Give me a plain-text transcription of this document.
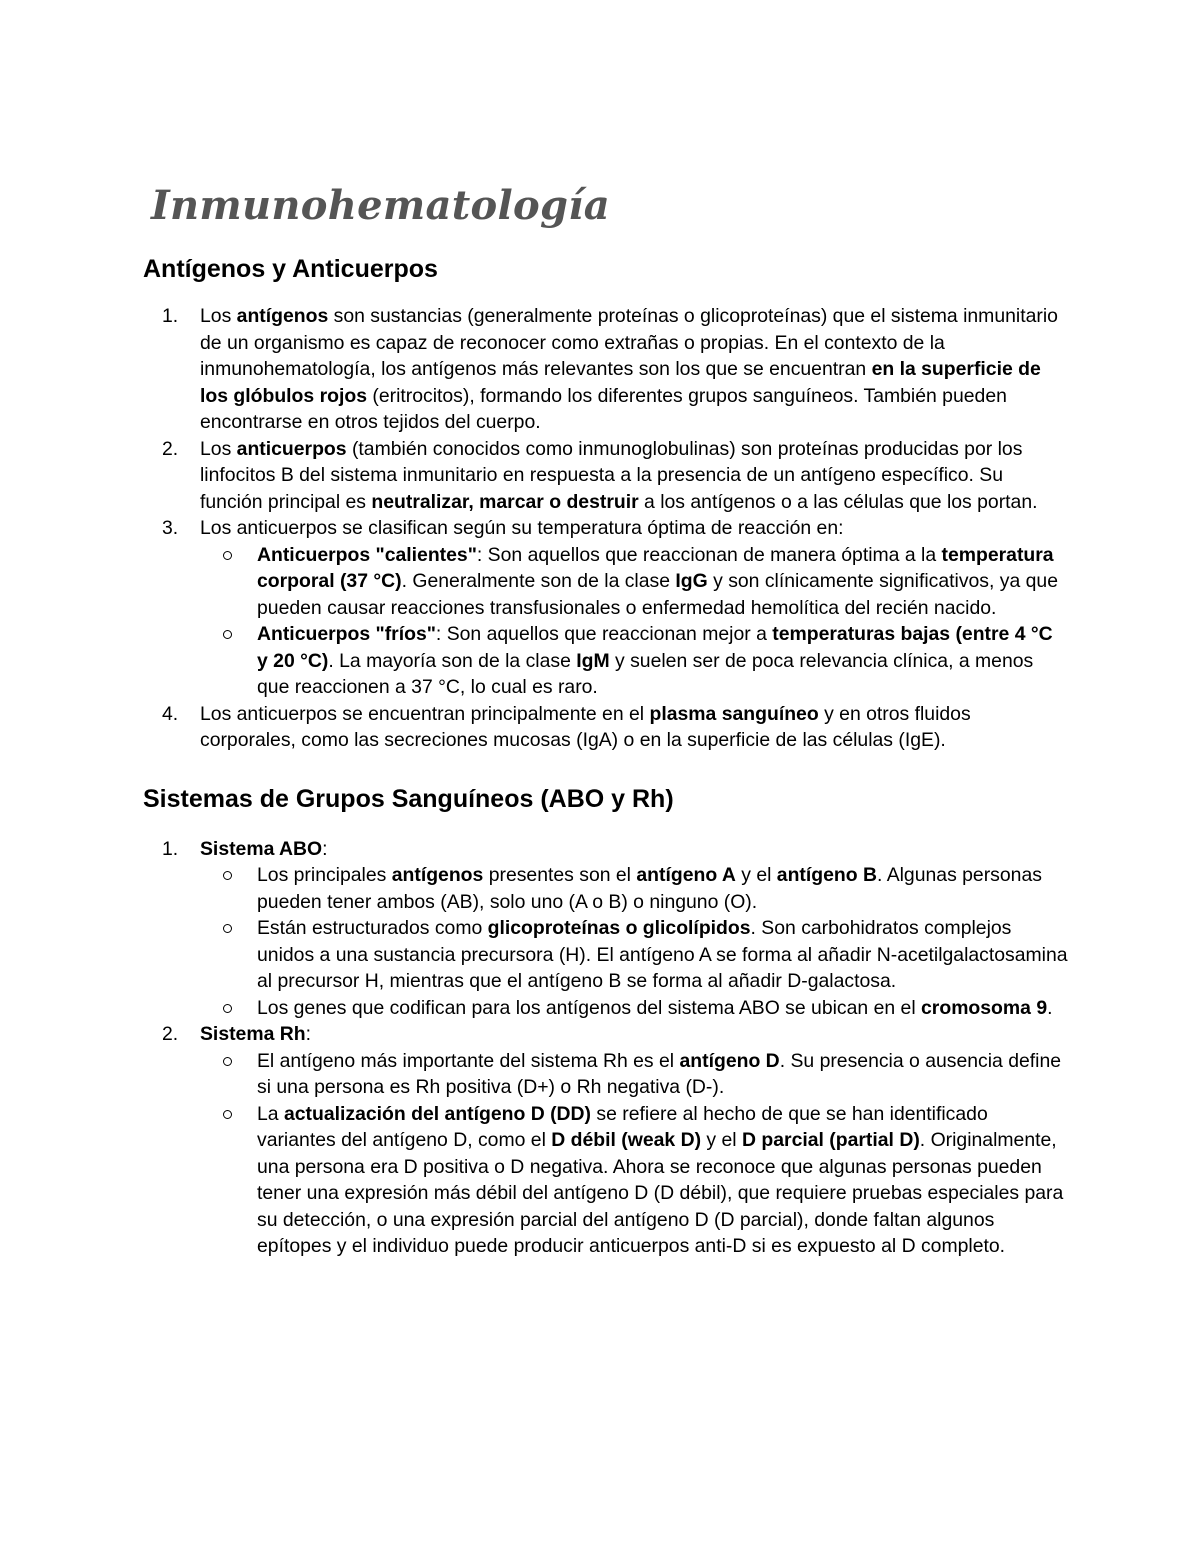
Inmunohematología
Antígenos y Anticuerpos
1. Los antígenos son sustancias (generalmente proteínas o glicoproteínas) que el sistema inmunitario de un organismo es capaz de reconocer como extrañas o propias. En el contexto de la inmunohematología, los antígenos más relevantes son los que se encuentran en la superficie de los glóbulos rojos (eritrocitos), formando los diferentes grupos sanguíneos. También pueden encontrarse en otros tejidos del cuerpo.
2. Los anticuerpos (también conocidos como inmunoglobulinas) son proteínas producidas por los linfocitos B del sistema inmunitario en respuesta a la presencia de un antígeno específico. Su función principal es neutralizar, marcar o destruir a los antígenos o a las células que los portan.
3. Los anticuerpos se clasifican según su temperatura óptima de reacción en:
Anticuerpos "calientes": Son aquellos que reaccionan de manera óptima a la temperatura corporal (37 °C). Generalmente son de la clase IgG y son clínicamente significativos, ya que pueden causar reacciones transfusionales o enfermedad hemolítica del recién nacido.
Anticuerpos "fríos": Son aquellos que reaccionan mejor a temperaturas bajas (entre 4 °C y 20 °C). La mayoría son de la clase IgM y suelen ser de poca relevancia clínica, a menos que reaccionen a 37 °C, lo cual es raro.
4. Los anticuerpos se encuentran principalmente en el plasma sanguíneo y en otros fluidos corporales, como las secreciones mucosas (IgA) o en la superficie de las células (IgE).
Sistemas de Grupos Sanguíneos (ABO y Rh)
1. Sistema ABO:
Los principales antígenos presentes son el antígeno A y el antígeno B. Algunas personas pueden tener ambos (AB), solo uno (A o B) o ninguno (O).
Están estructurados como glicoproteínas o glicolípidos. Son carbohidratos complejos unidos a una sustancia precursora (H). El antígeno A se forma al añadir N-acetilgalactosamina al precursor H, mientras que el antígeno B se forma al añadir D-galactosa.
Los genes que codifican para los antígenos del sistema ABO se ubican en el cromosoma 9.
2. Sistema Rh:
El antígeno más importante del sistema Rh es el antígeno D. Su presencia o ausencia define si una persona es Rh positiva (D+) o Rh negativa (D-).
La actualización del antígeno D (DD) se refiere al hecho de que se han identificado variantes del antígeno D, como el D débil (weak D) y el D parcial (partial D). Originalmente, una persona era D positiva o D negativa. Ahora se reconoce que algunas personas pueden tener una expresión más débil del antígeno D (D débil), que requiere pruebas especiales para su detección, o una expresión parcial del antígeno D (D parcial), donde faltan algunos epítopes y el individuo puede producir anticuerpos anti-D si es expuesto al D completo.
